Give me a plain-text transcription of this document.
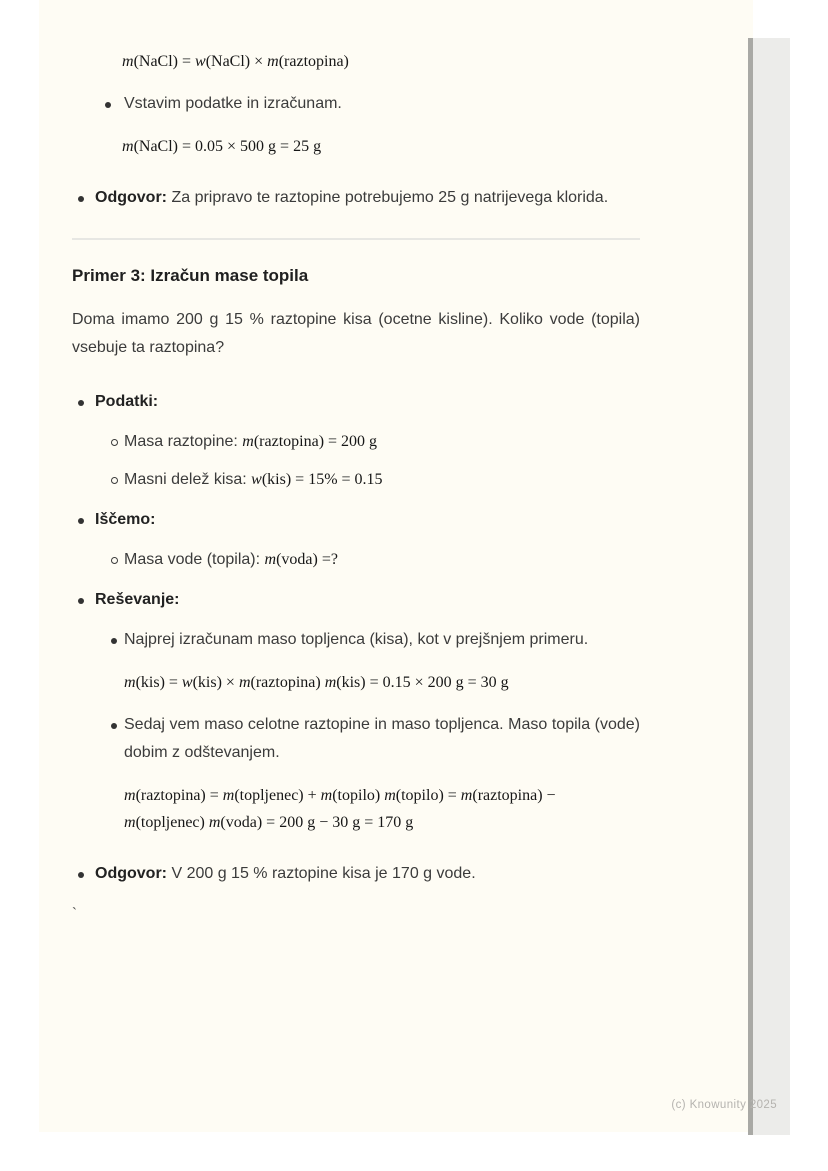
m(NaCl) = w(NaCl) × m(raztopina)
Vstavim podatke in izračunam.
m(NaCl) = 0.05 × 500 g = 25 g
Odgovor: Za pripravo te raztopine potrebujemo 25 g natrijevega klorida.
Primer 3: Izračun mase topila
Doma imamo 200 g 15 % raztopine kisa (ocetne kisline). Koliko vode (topila) vsebuje ta raztopina?
Podatki:
Masa raztopine: m(raztopina) = 200 g
Masni delež kisa: w(kis) = 15% = 0.15
Iščemo:
Masa vode (topila): m(voda) =?
Reševanje:
Najprej izračunam maso topljenca (kisa), kot v prejšnjem primeru.
m(kis) = w(kis) × m(raztopina) m(kis) = 0.15 × 200 g = 30 g
Sedaj vem maso celotne raztopine in maso topljenca. Maso topila (vode) dobim z odštevanjem.
m(raztopina) = m(topljenec) + m(topilo) m(topilo) = m(raztopina) − m(topljenec) m(voda) = 200 g − 30 g = 170 g
Odgovor: V 200 g 15 % raztopine kisa je 170 g vode.
`
(c) Knowunity 2025
